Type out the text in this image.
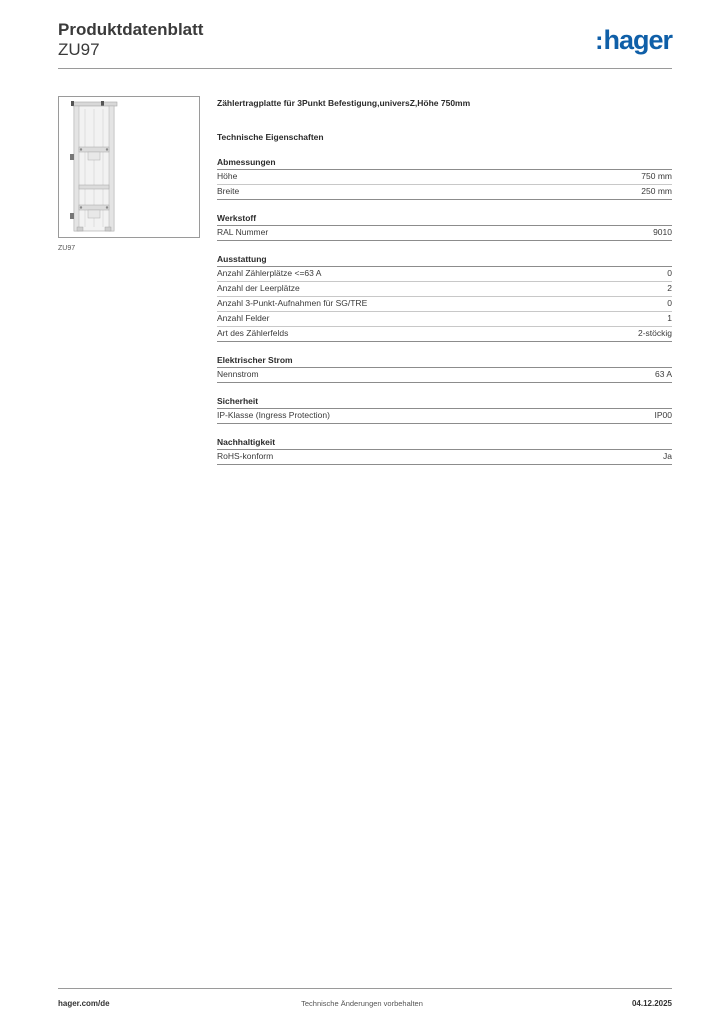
Produktdatenblatt
ZU97	:hager
ZU97
Zählertragplatte für 3Punkt Befestigung,universZ,Höhe 750mm
Technische Eigenschaften
Abmessungen
Höhe	750 mm
Breite	250 mm
Werkstoff
RAL Nummer	9010
Ausstattung
Anzahl Zählerplätze <=63 A	0
Anzahl der Leerplätze	2
Anzahl 3-Punkt-Aufnahmen für SG/TRE	0
Anzahl Felder	1
Art des Zählerfelds	2-stöckig
Elektrischer Strom
Nennstrom	63 A
Sicherheit
IP-Klasse (Ingress Protection)	IP00
Nachhaltigkeit
RoHS-konform	Ja
hager.com/de	Technische Änderungen vorbehalten	04.12.2025
